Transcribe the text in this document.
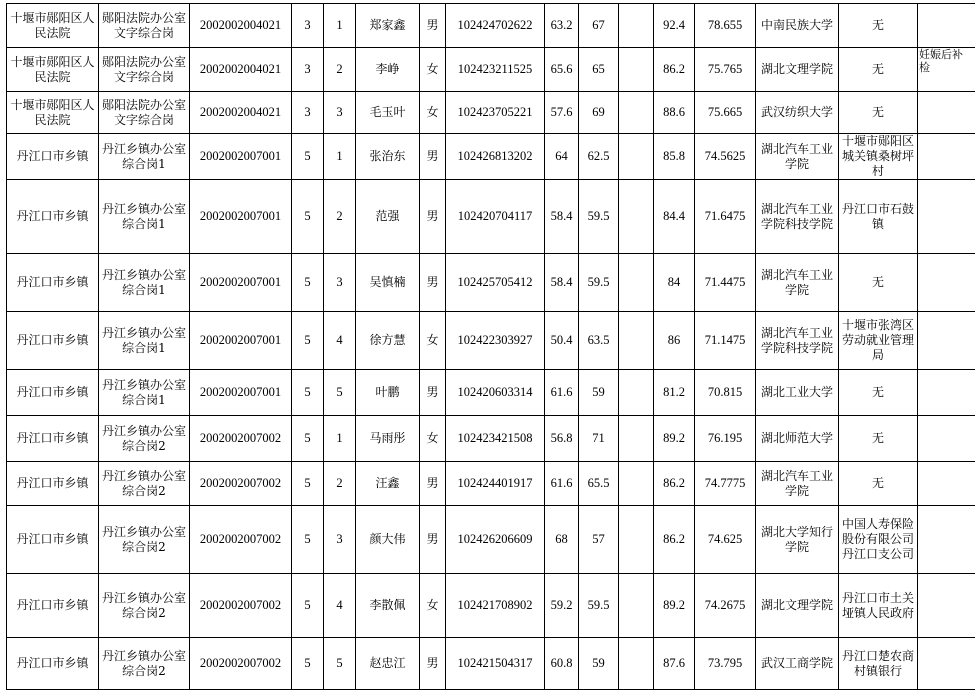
十堰市郧阳区人民法院	郧阳法院办公室文字综合岗	2002002004021	3	1	郑家鑫	男	102424702622	63.2	67		92.4	78.655	中南民族大学	无	
十堰市郧阳区人民法院	郧阳法院办公室文字综合岗	2002002004021	3	2	李峥	女	102423211525	65.6	65		86.2	75.765	湖北文理学院	无	妊娠后补检
十堰市郧阳区人民法院	郧阳法院办公室文字综合岗	2002002004021	3	3	毛玉叶	女	102423705221	57.6	69		88.6	75.665	武汉纺织大学	无	
丹江口市乡镇	丹江乡镇办公室综合岗1	2002002007001	5	1	张治东	男	102426813202	64	62.5		85.8	74.5625	湖北汽车工业学院	十堰市郧阳区城关镇桑树坪村	
丹江口市乡镇	丹江乡镇办公室综合岗1	2002002007001	5	2	范强	男	102420704117	58.4	59.5		84.4	71.6475	湖北汽车工业学院科技学院	丹江口市石鼓镇	
丹江口市乡镇	丹江乡镇办公室综合岗1	2002002007001	5	3	吴慎楠	男	102425705412	58.4	59.5		84	71.4475	湖北汽车工业学院	无	
丹江口市乡镇	丹江乡镇办公室综合岗1	2002002007001	5	4	徐方慧	女	102422303927	50.4	63.5		86	71.1475	湖北汽车工业学院科技学院	十堰市张湾区劳动就业管理局	
丹江口市乡镇	丹江乡镇办公室综合岗1	2002002007001	5	5	叶鹏	男	102420603314	61.6	59		81.2	70.815	湖北工业大学	无	
丹江口市乡镇	丹江乡镇办公室综合岗2	2002002007002	5	1	马雨彤	女	102423421508	56.8	71		89.2	76.195	湖北师范大学	无	
丹江口市乡镇	丹江乡镇办公室综合岗2	2002002007002	5	2	汪鑫	男	102424401917	61.6	65.5		86.2	74.7775	湖北汽车工业学院	无	
丹江口市乡镇	丹江乡镇办公室综合岗2	2002002007002	5	3	颜大伟	男	102426206609	68	57		86.2	74.625	湖北大学知行学院	中国人寿保险股份有限公司丹江口支公司	
丹江口市乡镇	丹江乡镇办公室综合岗2	2002002007002	5	4	李散佩	女	102421708902	59.2	59.5		89.2	74.2675	湖北文理学院	丹江口市土关垭镇人民政府	
丹江口市乡镇	丹江乡镇办公室综合岗2	2002002007002	5	5	赵忠江	男	102421504317	60.8	59		87.6	73.795	武汉工商学院	丹江口楚农商村镇银行	
